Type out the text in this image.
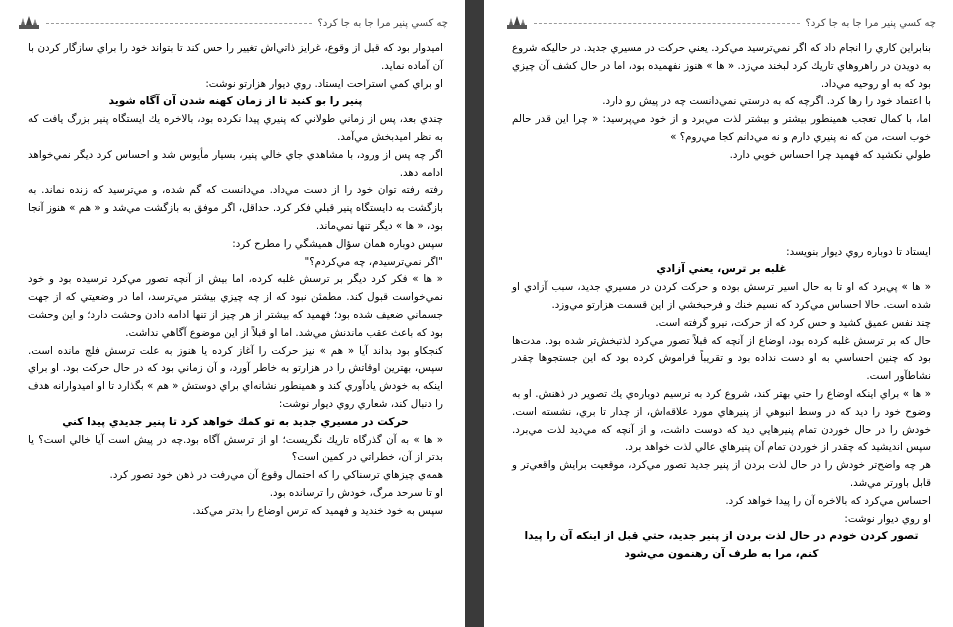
چه كسي پنير مرا جا به جا كرد؟

اميدوار بود كه قبل از وقوع، غرايز ذاتي‌اش تغيير را حس كند تا بتواند خود را براي سازگار كردن با آن آماده نمايد.

او براي كمي استراحت ايستاد. روي ديوار هزارتو نوشت:

پنير را بو كنيد تا از زمان كهنه شدن آن آگاه شويد

چندي بعد، پس از زماني طولاني كه پنيري پيدا نكرده بود، بالاخره يك ايستگاه پنير بزرگ يافت كه به نظر اميدبخش مي‌آمد.

اگر چه پس از ورود، با مشاهدي جاي خالي پنير، بسيار مأيوس شد و احساس كرد ديگر نمي‌خواهد ادامه دهد.

رفته رفته توان خود را از دست مي‌داد. مي‌دانست كه گم شده، و مي‌ترسيد كه زنده نماند. به بازگشت به دايستگاه پنير قبلي فكر كرد. حداقل، اگر موفق به بازگشت مي‌شد و « هم » هنوز آنجا بود، « ها » ديگر تنها نمي‌ماند.

سپس دوباره همان سؤال هميشگي را مطرح كرد:

"اگر نمي‌ترسيدم، چه مي‌كردم؟"

« ها » فكر كرد ديگر بر ترسش غلبه كرده، اما بيش از آنچه تصور مي‌كرد ترسيده بود و خود نمي‌خواست قبول كند. مطمئن نبود كه از چه چيزي بيشتر مي‌ترسد، اما در وضعيتي كه از جهت جسماني ضعيف شده بود؛ فهميد كه بيشتر از هر چيز از تنها ادامه دادن وحشت دارد؛ و اين وحشت بود كه باعث عقب ماندنش مي‌شد. اما او قبلاً از اين موضوع آگاهي نداشت.

كنجكاو بود بداند آيا « هم » نيز حركت را آغاز كرده يا هنوز به علت ترسش فلج مانده است. سپس، بهترين اوقاتش را در هزارتو به خاطر آورد، و آن زماني بود كه در حال حركت بود. او براي اينكه به خودش يادآوري كند و همينطور نشانه‌اي براي دوستش « هم » بگذارد تا او اميدوارانه هدف را دنبال كند، شعاري روي ديوار نوشت:

حركت در مسيري جديد به تو كمك خواهد كرد تا پنير جديدي پيدا كني

« ها » به آن گذرگاه تاريك نگريست؛ او از ترسش آگاه بود.چه در پيش است آيا خالي است؟ يا بدتر از آن، خطراتي در كمين است؟

همه‌ي چيزهاي ترسناكي را كه احتمال وقوع آن مي‌رفت در ذهن خود تصور كرد.

او تا سرحد مرگ، خودش را ترسانده بود.

سپس به خود خنديد و فهميد كه ترس اوضاع را بدتر مي‌كند.

چه كسي پنير مرا جا به جا كرد؟

بنابراين كاري را انجام داد كه اگر نمي‌ترسيد مي‌كرد. يعني حركت در مسيري جديد. در حاليكه شروع به دويدن در راهروهاي تاريك كرد لبخند مي‌زد. « ها » هنوز نفهميده بود، اما در حال كشف آن چيزي بود كه به او روحيه مي‌داد.

با اعتماد خود را رها كرد. اگرچه كه به درستي نمي‌دانست چه در پيش رو دارد.

اما، با كمال تعجب همينطور بيشتر و بيشتر لذت مي‌برد و از خود مي‌پرسيد: « چرا اين قدر حالم خوب است، من كه نه پنيري دارم و نه مي‌دانم كجا مي‌روم؟ »

طولي نكشيد كه فهميد چرا احساس خوبي دارد.

ايستاد تا دوباره روي ديوار بنويسد:

غلبه بر ترس، يعني آزادي

« ها » پي‌برد كه او تا به حال اسير ترسش بوده و حركت كردن در مسيري جديد، سبب آزادي او شده است. حالا احساس مي‌كرد كه نسيم خنك و فرحبخشي از اين قسمت هزارتو مي‌وزد.

چند نفس عميق كشيد و حس كرد كه از حركت، نيرو گرفته است.

حال كه بر ترسش غلبه كرده بود، اوضاع از آنچه كه قبلاً تصور مي‌كرد لذتبخش‌تر شده بود. مدت‌ها بود كه چنين احساسي به او دست نداده بود و تقريباً فراموش كرده بود كه اين جستجوها چقدر نشاطآور است.

« ها » براي اينكه اوضاع را حتي بهتر كند، شروع كرد به ترسيم دوباره‌ي يك تصوير در ذهنش. او به وضوح خود را ديد كه در وسط انبوهي از پنيرهاي مورد علاقه‌اش، از چدار تا بري، نشسته است. خودش را در حال خوردن تمام پنيرهايي ديد كه دوست داشت، و از آنچه كه مي‌ديد لذت مي‌برد. سپس انديشيد كه چقدر از خوردن تمام آن پنيرهاي عالي لذت خواهد برد.

هر چه واضح‌تر خودش را در حال لذت بردن از پنير جديد تصور مي‌كرد، موقعيت برايش واقعي‌تر و قابل باورتر مي‌شد.

احساس مي‌كرد كه بالاخره آن را پيدا خواهد كرد.

او روي ديوار نوشت:

تصور كردن خودم در حال لذت بردن از پنير جديد، حتي قبل از اينكه آن را پيدا كنم، مرا به طرف آن رهنمون مي‌شود
